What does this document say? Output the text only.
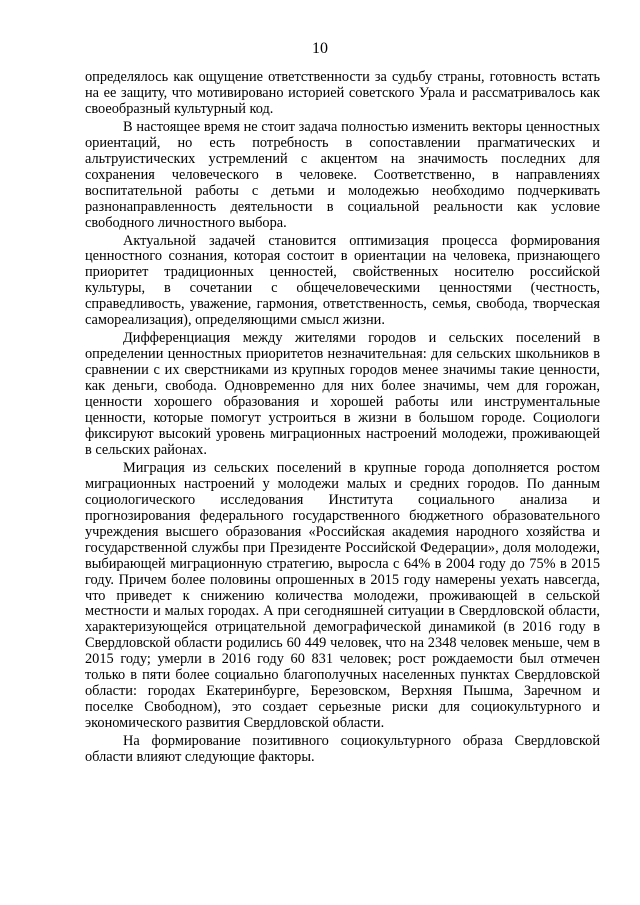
10

определялось как ощущение ответственности за судьбу страны, готовность встать на ее защиту, что мотивировано историей советского Урала и рассматривалось как своеобразный культурный код.

В настоящее время не стоит задача полностью изменить векторы ценностных ориентаций, но есть потребность в сопоставлении прагматических и альтруистических устремлений с акцентом на значимость последних для сохранения человеческого в человеке. Соответственно, в направлениях воспитательной работы с детьми и молодежью необходимо подчеркивать разнонаправленность деятельности в социальной реальности как условие свободного личностного выбора.

Актуальной задачей становится оптимизация процесса формирования ценностного сознания, которая состоит в ориентации на человека, признающего приоритет традиционных ценностей, свойственных носителю российской культуры, в сочетании с общечеловеческими ценностями (честность, справедливость, уважение, гармония, ответственность, семья, свобода, творческая самореализация), определяющими смысл жизни.

Дифференциация между жителями городов и сельских поселений в определении ценностных приоритетов незначительная: для сельских школьников в сравнении с их сверстниками из крупных городов менее значимы такие ценности, как деньги, свобода. Одновременно для них более значимы, чем для горожан, ценности хорошего образования и хорошей работы или инструментальные ценности, которые помогут устроиться в жизни в большом городе. Социологи фиксируют высокий уровень миграционных настроений молодежи, проживающей в сельских районах.

Миграция из сельских поселений в крупные города дополняется ростом миграционных настроений у молодежи малых и средних городов. По данным социологического исследования Института социального анализа и прогнозирования федерального государственного бюджетного образовательного учреждения высшего образования «Российская академия народного хозяйства и государственной службы при Президенте Российской Федерации», доля молодежи, выбирающей миграционную стратегию, выросла с 64% в 2004 году до 75% в 2015 году. Причем более половины опрошенных в 2015 году намерены уехать навсегда, что приведет к снижению количества молодежи, проживающей в сельской местности и малых городах. А при сегодняшней ситуации в Свердловской области, характеризующейся отрицательной демографической динамикой (в 2016 году в Свердловской области родились 60 449 человек, что на 2348 человек меньше, чем в 2015 году; умерли в 2016 году 60 831 человек; рост рождаемости был отмечен только в пяти более социально благополучных населенных пунктах Свердловской области: городах Екатеринбурге, Березовском, Верхняя Пышма, Заречном и поселке Свободном), это создает серьезные риски для социокультурного и экономического развития Свердловской области.

На формирование позитивного социокультурного образа Свердловской области влияют следующие факторы.
